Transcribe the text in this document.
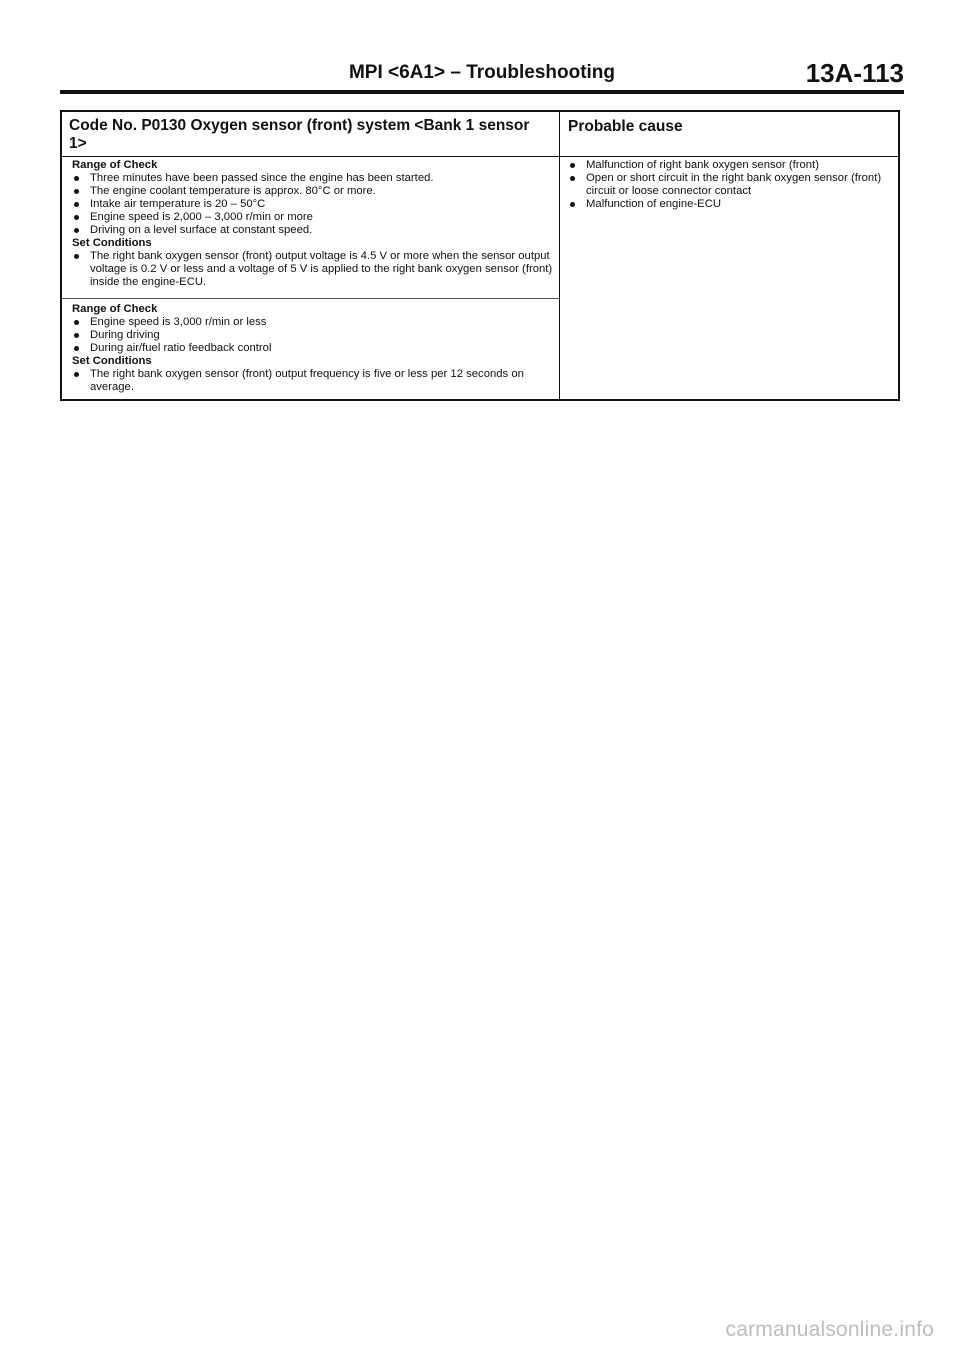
MPI <6A1> – Troubleshooting	13A-113
Code No. P0130 Oxygen sensor (front) system <Bank 1 sensor 1>
Probable cause
Range of Check
Three minutes have been passed since the engine has been started.
The engine coolant temperature is approx. 80°C or more.
Intake air temperature is 20 – 50°C
Engine speed is 2,000 – 3,000 r/min or more
Driving on a level surface at constant speed.
Set Conditions
The right bank oxygen sensor (front) output voltage is 4.5 V or more when the sensor output voltage is 0.2 V or less and a voltage of 5 V is applied to the right bank oxygen sensor (front) inside the engine-ECU.
Range of Check
Engine speed is 3,000 r/min or less
During driving
During air/fuel ratio feedback control
Set Conditions
The right bank oxygen sensor (front) output frequency is five or less per 12 seconds on average.
Malfunction of right bank oxygen sensor (front)
Open or short circuit in the right bank oxygen sensor (front) circuit or loose connector contact
Malfunction of engine-ECU
carmanualsonline.info
